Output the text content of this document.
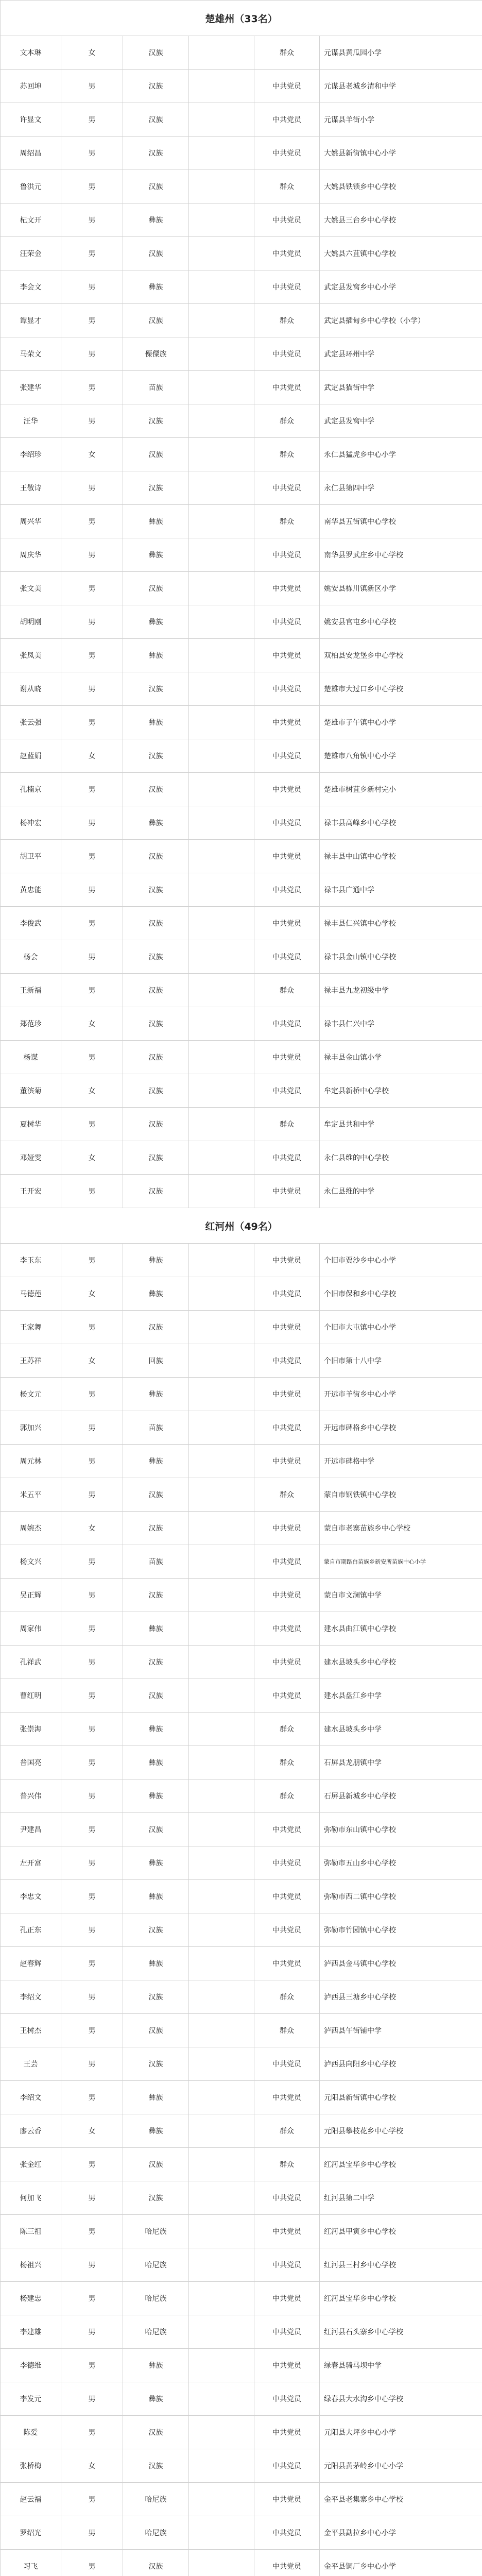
楚雄州（33名）					
文本琳	女	汉族		群众	元谋县黄瓜园小学
苏回坤	男	汉族		中共党员	元谋县老城乡清和中学
许显文	男	汉族		中共党员	元谋县羊街小学
周绍昌	男	汉族		中共党员	大姚县新街镇中心小学
鲁洪元	男	汉族		群众	大姚县铁锁乡中心学校
杞文开	男	彝族		中共党员	大姚县三台乡中心学校
汪荣金	男	汉族		中共党员	大姚县六苴镇中心学校
李会文	男	彝族		中共党员	武定县发窝乡中心小学
谭显才	男	汉族		群众	武定县插甸乡中心学校（小学）
马荣文	男	傈僳族		中共党员	武定县环州中学
张建华	男	苗族		中共党员	武定县猫街中学
汪华	男	汉族		群众	武定县发窝中学
李绍珍	女	汉族		群众	永仁县猛虎乡中心小学
王敬诗	男	汉族		中共党员	永仁县第四中学
周兴华	男	彝族		群众	南华县五街镇中心学校
周庆华	男	彝族		中共党员	南华县罗武庄乡中心学校
张文美	男	汉族		中共党员	姚安县栋川镇新区小学
胡明刚	男	彝族		中共党员	姚安县官屯乡中心学校
张凤美	男	彝族		中共党员	双柏县安龙堡乡中心学校
谢从晓	男	汉族		中共党员	楚雄市大过口乡中心学校
张云强	男	彝族		中共党员	楚雄市子午镇中心小学
赵蓝娟	女	汉族		中共党员	楚雄市八角镇中心小学
孔楠京	男	汉族		中共党员	楚雄市树苴乡新村完小
杨冲宏	男	彝族		中共党员	禄丰县高峰乡中心学校
胡卫平	男	汉族		中共党员	禄丰县中山镇中心学校
黄忠能	男	汉族		中共党员	禄丰县广通中学
李俊武	男	汉族		中共党员	禄丰县仁兴镇中心学校
杨会	男	汉族		中共党员	禄丰县金山镇中心学校
王新福	男	汉族		群众	禄丰县九龙初级中学
郑范珍	女	汉族		中共党员	禄丰县仁兴中学
杨谋	男	汉族		中共党员	禄丰县金山镇小学
董滨菊	女	汉族		中共党员	牟定县新桥中心学校
夏树华	男	汉族		群众	牟定县共和中学
邓娅雯	女	汉族		中共党员	永仁县维的中心学校
王开宏	男	汉族		中共党员	永仁县维的中学
红河州（49名）					
李玉东	男	彝族		中共党员	个旧市贾沙乡中心小学
马德莲	女	彝族		中共党员	个旧市保和乡中心学校
王家舞	男	汉族		中共党员	个旧市大屯镇中心小学
王苏祥	女	回族		中共党员	个旧市第十八中学
杨文元	男	彝族		中共党员	开远市羊街乡中心小学
郭加兴	男	苗族		中共党员	开远市碑格乡中心学校
周元林	男	彝族		中共党员	开远市碑格中学
米五平	男	汉族		群众	蒙自市钢铁镇中心学校
周婉杰	女	汉族		中共党员	蒙自市老寨苗族乡中心学校
杨文兴	男	苗族		中共党员	蒙自市期路白苗族乡新安所苗族中心小学
吴正辉	男	汉族		中共党员	蒙自市文澜镇中学
周家伟	男	彝族		中共党员	建水县曲江镇中心学校
孔祥武	男	汉族		中共党员	建水县坡头乡中心学校
曹红明	男	汉族		中共党员	建水县盘江乡中学
张崇海	男	彝族		群众	建水县坡头乡中学
普国亮	男	彝族		群众	石屏县龙朋镇中学
普兴伟	男	彝族		群众	石屏县新城乡中心学校
尹建昌	男	汉族		中共党员	弥勒市东山镇中心学校
左开富	男	彝族		中共党员	弥勒市五山乡中心学校
李忠文	男	彝族		中共党员	弥勒市西二镇中心学校
孔正东	男	汉族		中共党员	弥勒市竹园镇中心学校
赵春辉	男	彝族		中共党员	泸西县金马镇中心学校
李绍文	男	汉族		群众	泸西县三塘乡中心学校
王树杰	男	汉族		群众	泸西县午街铺中学
王芸	男	汉族		中共党员	泸西县向阳乡中心学校
李绍文	男	彝族		中共党员	元阳县新街镇中心学校
廖云香	女	彝族		群众	元阳县攀枝花乡中心学校
张金红	男	汉族		群众	红河县宝华乡中心学校
何加飞	男	汉族		中共党员	红河县第二中学
陈三祖	男	哈尼族		中共党员	红河县甲寅乡中心学校
杨祖兴	男	哈尼族		中共党员	红河县三村乡中心学校
杨建忠	男	哈尼族		中共党员	红河县宝华乡中心学校
李建雄	男	哈尼族		中共党员	红河县石头寨乡中心学校
李德维	男	彝族		中共党员	绿春县骑马坝中学
李发元	男	彝族		中共党员	绿春县大水沟乡中心学校
陈爱	男	汉族		中共党员	元阳县大坪乡中心小学
张桥梅	女	汉族		中共党员	元阳县黄茅岭乡中心小学
赵云福	男	哈尼族		中共党员	金平县老集寨乡中心学校
罗绍光	男	哈尼族		中共党员	金平县勐拉乡中心小学
习飞	男	汉族		中共党员	金平县铜厂乡中心小学
